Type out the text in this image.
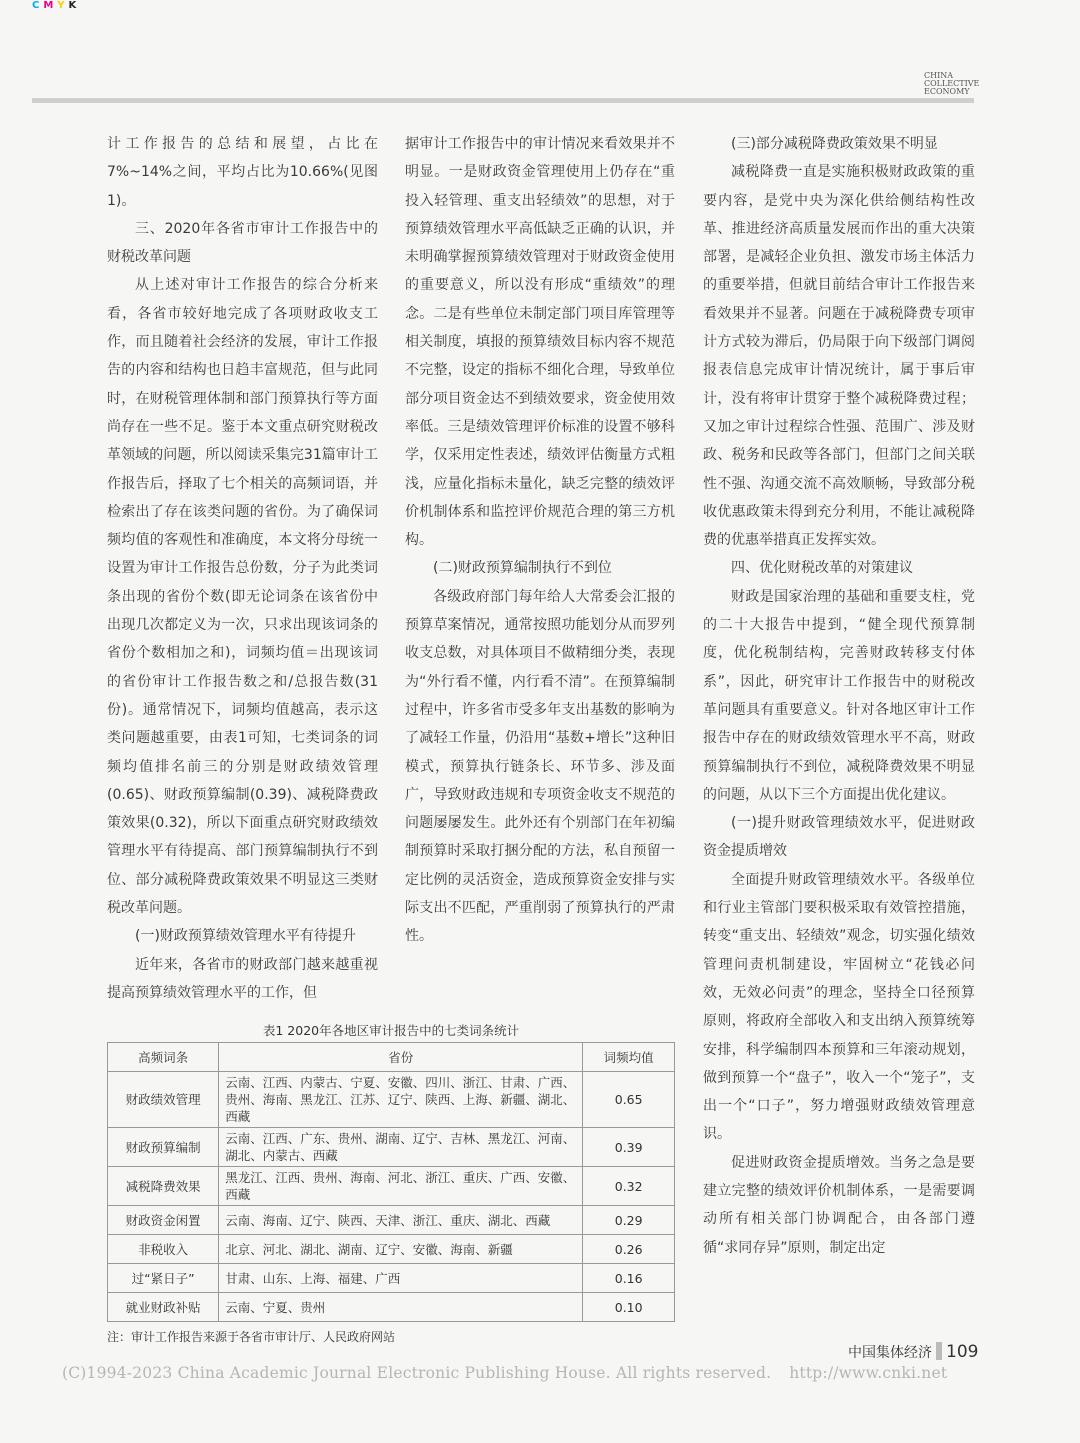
CMYK
CHINA
COLLECTIVE
ECONOMY

计工作报告的总结和展望，占比在7%~14%之间，平均占比为10.66%(见图1)。

三、2020年各省市审计工作报告中的财税改革问题

从上述对审计工作报告的综合分析来看，各省市较好地完成了各项财政收支工作，而且随着社会经济的发展，审计工作报告的内容和结构也日趋丰富规范，但与此同时，在财税管理体制和部门预算执行等方面尚存在一些不足。鉴于本文重点研究财税改革领域的问题，所以阅读采集完31篇审计工作报告后，择取了七个相关的高频词语，并检索出了存在该类问题的省份。为了确保词频均值的客观性和准确度，本文将分母统一设置为审计工作报告总份数，分子为此类词条出现的省份个数(即无论词条在该省份中出现几次都定义为一次，只求出现该词条的省份个数相加之和)，词频均值＝出现该词的省份审计工作报告数之和/总报告数(31份)。通常情况下，词频均值越高，表示这类问题越重要，由表1可知，七类词条的词频均值排名前三的分别是财政绩效管理(0.65)、财政预算编制(0.39)、减税降费政策效果(0.32)，所以下面重点研究财政绩效管理水平有待提高、部门预算编制执行不到位、部分减税降费政策效果不明显这三类财税改革问题。

(一)财政预算绩效管理水平有待提升

近年来，各省市的财政部门越来越重视提高预算绩效管理水平的工作，但

据审计工作报告中的审计情况来看效果并不明显。一是财政资金管理使用上仍存在“重投入轻管理、重支出轻绩效”的思想，对于预算绩效管理水平高低缺乏正确的认识，并未明确掌握预算绩效管理对于财政资金使用的重要意义，所以没有形成“重绩效”的理念。二是有些单位未制定部门项目库管理等相关制度，填报的预算绩效目标内容不规范不完整，设定的指标不细化合理，导致单位部分项目资金达不到绩效要求，资金使用效率低。三是绩效管理评价标准的设置不够科学，仅采用定性表述，绩效评估衡量方式粗浅，应量化指标未量化，缺乏完整的绩效评价机制体系和监控评价规范合理的第三方机构。

(二)财政预算编制执行不到位

各级政府部门每年给人大常委会汇报的预算草案情况，通常按照功能划分从而罗列收支总数，对具体项目不做精细分类，表现为“外行看不懂，内行看不清”。在预算编制过程中，许多省市受多年支出基数的影响为了减轻工作量，仍沿用“基数+增长”这种旧模式，预算执行链条长、环节多、涉及面广，导致财政违规和专项资金收支不规范的问题屡屡发生。此外还有个别部门在年初编制预算时采取打捆分配的方法，私自预留一定比例的灵活资金，造成预算资金安排与实际支出不匹配，严重削弱了预算执行的严肃性。

(三)部分减税降费政策效果不明显

减税降费一直是实施积极财政政策的重要内容，是党中央为深化供给侧结构性改革、推进经济高质量发展而作出的重大决策部署，是减轻企业负担、激发市场主体活力的重要举措，但就目前结合审计工作报告来看效果并不显著。问题在于减税降费专项审计方式较为滞后，仍局限于向下级部门调阅报表信息完成审计情况统计，属于事后审计，没有将审计贯穿于整个减税降费过程；又加之审计过程综合性强、范围广、涉及财政、税务和民政等各部门，但部门之间关联性不强、沟通交流不高效顺畅，导致部分税收优惠政策未得到充分利用，不能让减税降费的优惠举措真正发挥实效。

四、优化财税改革的对策建议

财政是国家治理的基础和重要支柱，党的二十大报告中提到，“健全现代预算制度，优化税制结构，完善财政转移支付体系”，因此，研究审计工作报告中的财税改革问题具有重要意义。针对各地区审计工作报告中存在的财政绩效管理水平不高，财政预算编制执行不到位，减税降费效果不明显的问题，从以下三个方面提出优化建议。

(一)提升财政管理绩效水平，促进财政资金提质增效

全面提升财政管理绩效水平。各级单位和行业主管部门要积极采取有效管控措施，转变“重支出、轻绩效”观念，切实强化绩效管理问责机制建设，牢固树立“花钱必问效，无效必问责”的理念，坚持全口径预算原则，将政府全部收入和支出纳入预算统筹安排，科学编制四本预算和三年滚动规划，做到预算一个“盘子”，收入一个“笼子”，支出一个“口子”，努力增强财政绩效管理意识。

促进财政资金提质增效。当务之急是要建立完整的绩效评价机制体系，一是需要调动所有相关部门协调配合，由各部门遵循“求同存异”原则，制定出定

表1 2020年各地区审计报告中的七类词条统计
高频词条	省份	词频均值
财政绩效管理	云南、江西、内蒙古、宁夏、安徽、四川、浙江、甘肃、广西、贵州、海南、黑龙江、江苏、辽宁、陕西、上海、新疆、湖北、西藏	0.65
财政预算编制	云南、江西、广东、贵州、湖南、辽宁、吉林、黑龙江、河南、湖北、内蒙古、西藏	0.39
减税降费效果	黑龙江、江西、贵州、海南、河北、浙江、重庆、广西、安徽、西藏	0.32
财政资金闲置	云南、海南、辽宁、陕西、天津、浙江、重庆、湖北、西藏	0.29
非税收入	北京、河北、湖北、湖南、辽宁、安徽、海南、新疆	0.26
过“紧日子”	甘肃、山东、上海、福建、广西	0.16
就业财政补贴	云南、宁夏、贵州	0.10
注：审计工作报告来源于各省市审计厅、人民政府网站
中国集体经济 109
(C)1994-2023 China Academic Journal Electronic Publishing House. All rights reserved. http://www.cnki.net
